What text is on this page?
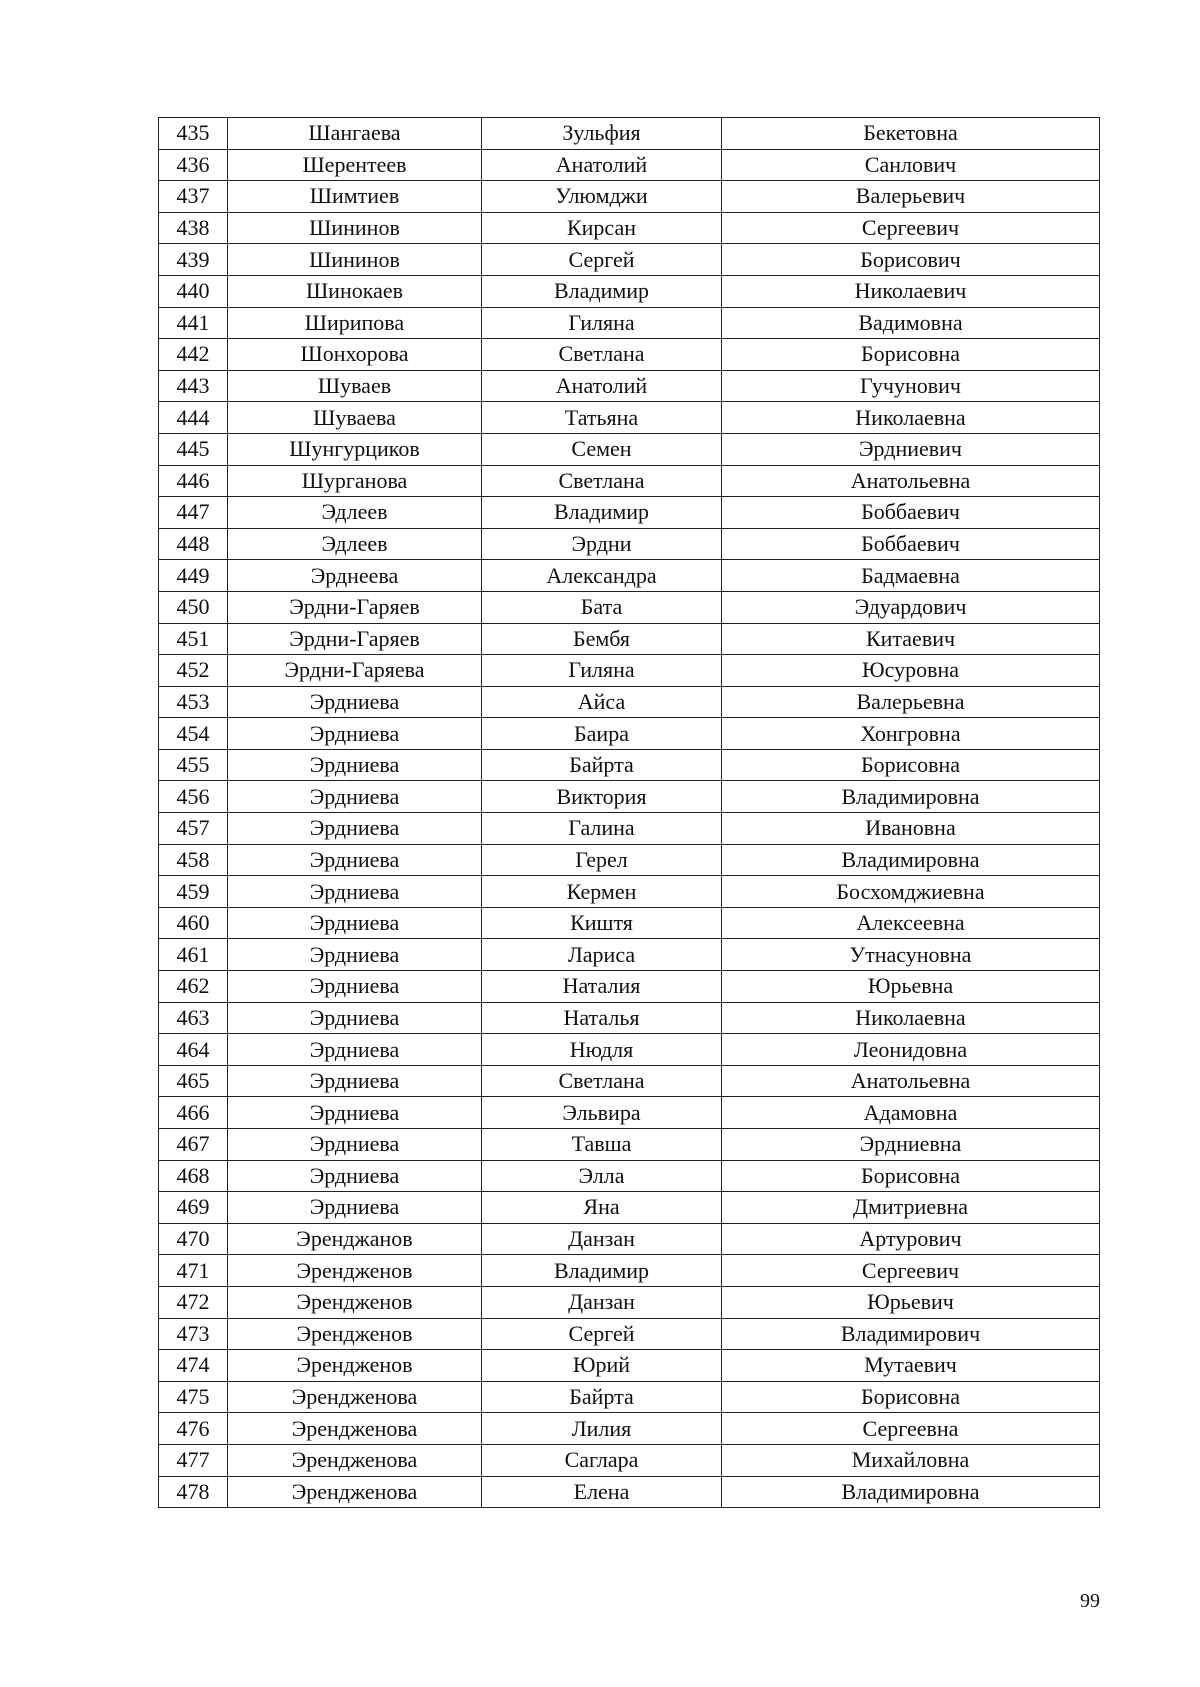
435	Шангаева	Зульфия	Бекетовна
436	Шерентеев	Анатолий	Санлович
437	Шимтиев	Улюмджи	Валерьевич
438	Шининов	Кирсан	Сергеевич
439	Шининов	Сергей	Борисович
440	Шинокаев	Владимир	Николаевич
441	Ширипова	Гиляна	Вадимовна
442	Шонхорова	Светлана	Борисовна
443	Шуваев	Анатолий	Гучунович
444	Шуваева	Татьяна	Николаевна
445	Шунгурциков	Семен	Эрдниевич
446	Шурганова	Светлана	Анатольевна
447	Эдлеев	Владимир	Боббаевич
448	Эдлеев	Эрдни	Боббаевич
449	Эрднеева	Александра	Бадмаевна
450	Эрдни-Гаряев	Бата	Эдуардович
451	Эрдни-Гаряев	Бембя	Китаевич
452	Эрдни-Гаряева	Гиляна	Юсуровна
453	Эрдниева	Айса	Валерьевна
454	Эрдниева	Баира	Хонгровна
455	Эрдниева	Байрта	Борисовна
456	Эрдниева	Виктория	Владимировна
457	Эрдниева	Галина	Ивановна
458	Эрдниева	Герел	Владимировна
459	Эрдниева	Кермен	Босхомджиевна
460	Эрдниева	Киштя	Алексеевна
461	Эрдниева	Лариса	Утнасуновна
462	Эрдниева	Наталия	Юрьевна
463	Эрдниева	Наталья	Николаевна
464	Эрдниева	Нюдля	Леонидовна
465	Эрдниева	Светлана	Анатольевна
466	Эрдниева	Эльвира	Адамовна
467	Эрдниева	Тавша	Эрдниевна
468	Эрдниева	Элла	Борисовна
469	Эрдниева	Яна	Дмитриевна
470	Эренджанов	Данзан	Артурович
471	Эрендженов	Владимир	Сергеевич
472	Эрендженов	Данзан	Юрьевич
473	Эрендженов	Сергей	Владимирович
474	Эрендженов	Юрий	Мутаевич
475	Эрендженова	Байрта	Борисовна
476	Эрендженова	Лилия	Сергеевна
477	Эрендженова	Саглара	Михайловна
478	Эрендженова	Елена	Владимировна
99
